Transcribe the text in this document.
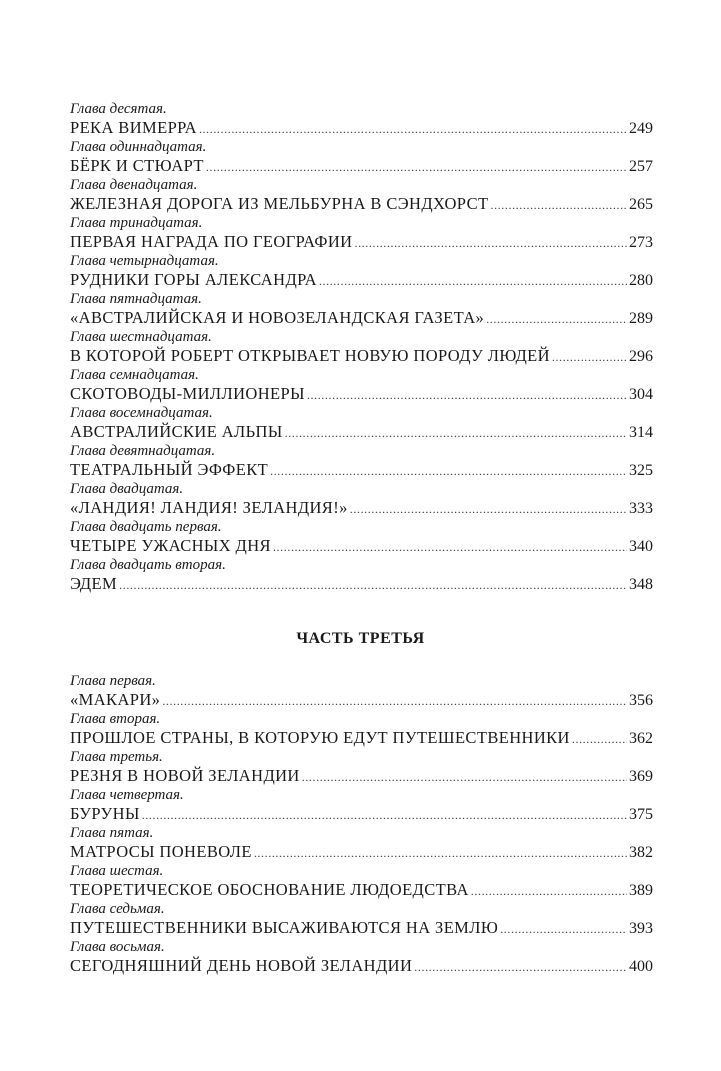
Глава десятая.
РЕКА ВИМЕРРА .....	249
Глава одиннадцатая.
БЁРК И СТЮАРТ .....	257
Глава двенадцатая.
ЖЕЛЕЗНАЯ ДОРОГА ИЗ МЕЛЬБУРНА В СЭНДХОРСТ .....	265
Глава тринадцатая.
ПЕРВАЯ НАГРАДА ПО ГЕОГРАФИИ .....	273
Глава четырнадцатая.
РУДНИКИ ГОРЫ АЛЕКСАНДРА .....	280
Глава пятнадцатая.
«АВСТРАЛИЙСКАЯ И НОВОЗЕЛАНДСКАЯ ГАЗЕТА» .....	289
Глава шестнадцатая.
В КОТОРОЙ РОБЕРТ ОТКРЫВАЕТ НОВУЮ ПОРОДУ ЛЮДЕЙ .....	296
Глава семнадцатая.
СКОТОВОДЫ-МИЛЛИОНЕРЫ .....	304
Глава восемнадцатая.
АВСТРАЛИЙСКИЕ АЛЬПЫ .....	314
Глава девятнадцатая.
ТЕАТРАЛЬНЫЙ ЭФФЕКТ .....	325
Глава двадцатая.
«ЛАНДИЯ! ЛАНДИЯ! ЗЕЛАНДИЯ!» .....	333
Глава двадцать первая.
ЧЕТЫРЕ УЖАСНЫХ ДНЯ .....	340
Глава двадцать вторая.
ЭДЕМ .....	348
ЧАСТЬ ТРЕТЬЯ
Глава первая.
«МАКАРИ» .....	356
Глава вторая.
ПРОШЛОЕ СТРАНЫ, В КОТОРУЮ ЕДУТ ПУТЕШЕСТВЕННИКИ .....	362
Глава третья.
РЕЗНЯ В НОВОЙ ЗЕЛАНДИИ .....	369
Глава четвертая.
БУРУНЫ .....	375
Глава пятая.
МАТРОСЫ ПОНЕВОЛЕ .....	382
Глава шестая.
ТЕОРЕТИЧЕСКОЕ ОБОСНОВАНИЕ ЛЮДОЕДСТВА .....	389
Глава седьмая.
ПУТЕШЕСТВЕННИКИ ВЫСАЖИВАЮТСЯ НА ЗЕМЛЮ .....	393
Глава восьмая.
СЕГОДНЯШНИЙ ДЕНЬ НОВОЙ ЗЕЛАНДИИ .....	400
